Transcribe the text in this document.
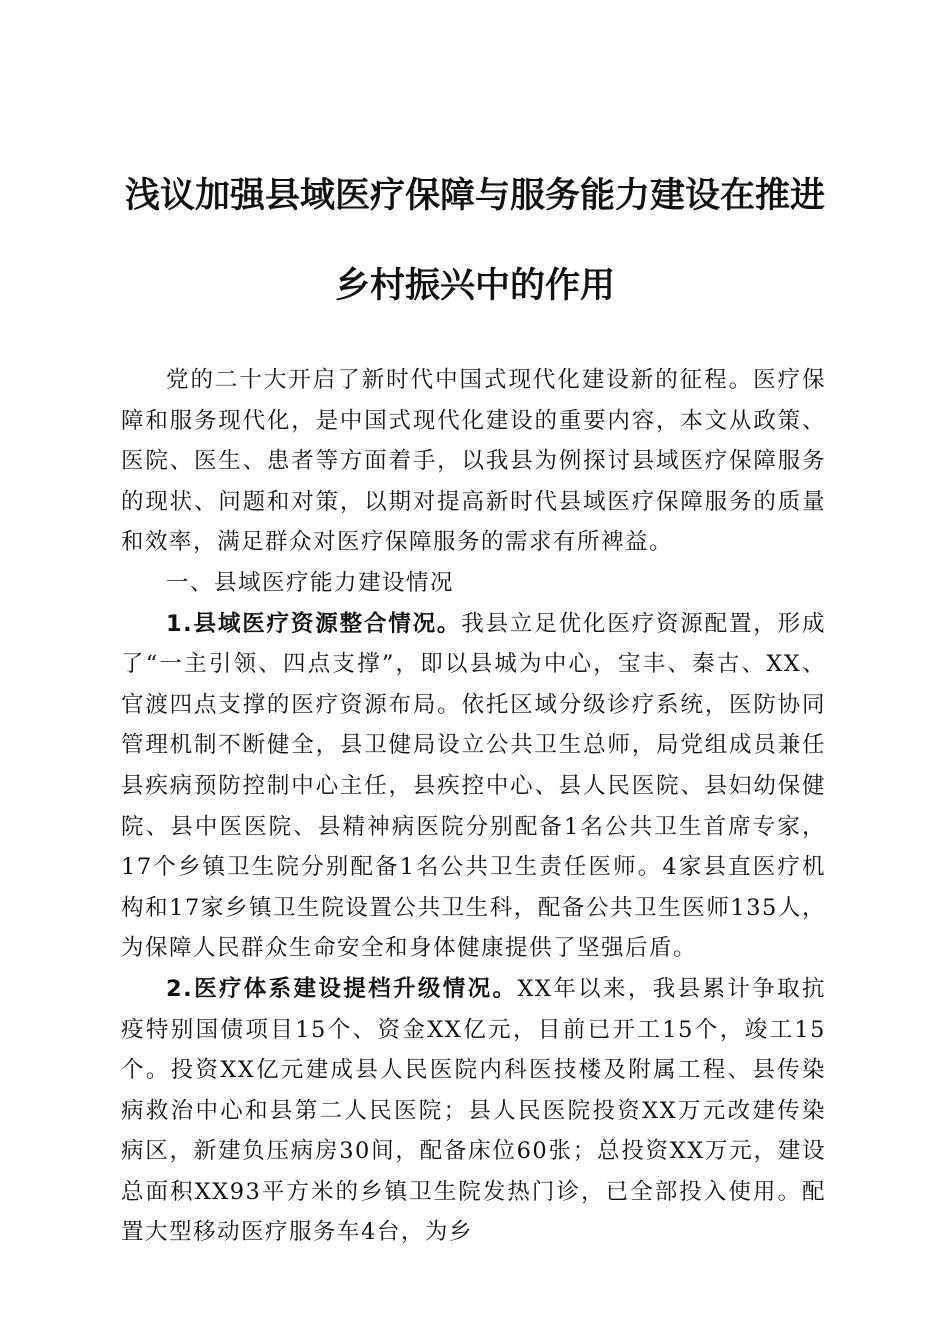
浅议加强县域医疗保障与服务能力建设在推进
乡村振兴中的作用

党的二十大开启了新时代中国式现代化建设新的征程。医疗保障和服务现代化，是中国式现代化建设的重要内容，本文从政策、医院、医生、患者等方面着手，以我县为例探讨县域医疗保障服务的现状、问题和对策，以期对提高新时代县域医疗保障服务的质量和效率，满足群众对医疗保障服务的需求有所裨益。

一、县域医疗能力建设情况

1.县域医疗资源整合情况。我县立足优化医疗资源配置，形成了“一主引领、四点支撑”，即以县城为中心，宝丰、秦古、XX、官渡四点支撑的医疗资源布局。依托区域分级诊疗系统，医防协同管理机制不断健全，县卫健局设立公共卫生总师，局党组成员兼任县疾病预防控制中心主任，县疾控中心、县人民医院、县妇幼保健院、县中医医院、县精神病医院分别配备1名公共卫生首席专家，17个乡镇卫生院分别配备1名公共卫生责任医师。4家县直医疗机构和17家乡镇卫生院设置公共卫生科，配备公共卫生医师135人，为保障人民群众生命安全和身体健康提供了坚强后盾。

2.医疗体系建设提档升级情况。XX年以来，我县累计争取抗疫特别国债项目15个、资金XX亿元，目前已开工15个，竣工15个。投资XX亿元建成县人民医院内科医技楼及附属工程、县传染病救治中心和县第二人民医院；县人民医院投资XX万元改建传染病区，新建负压病房30间，配备床位60张；总投资XX万元，建设总面积XX93平方米的乡镇卫生院发热门诊，已全部投入使用。配置大型移动医疗服务车4台，为乡
